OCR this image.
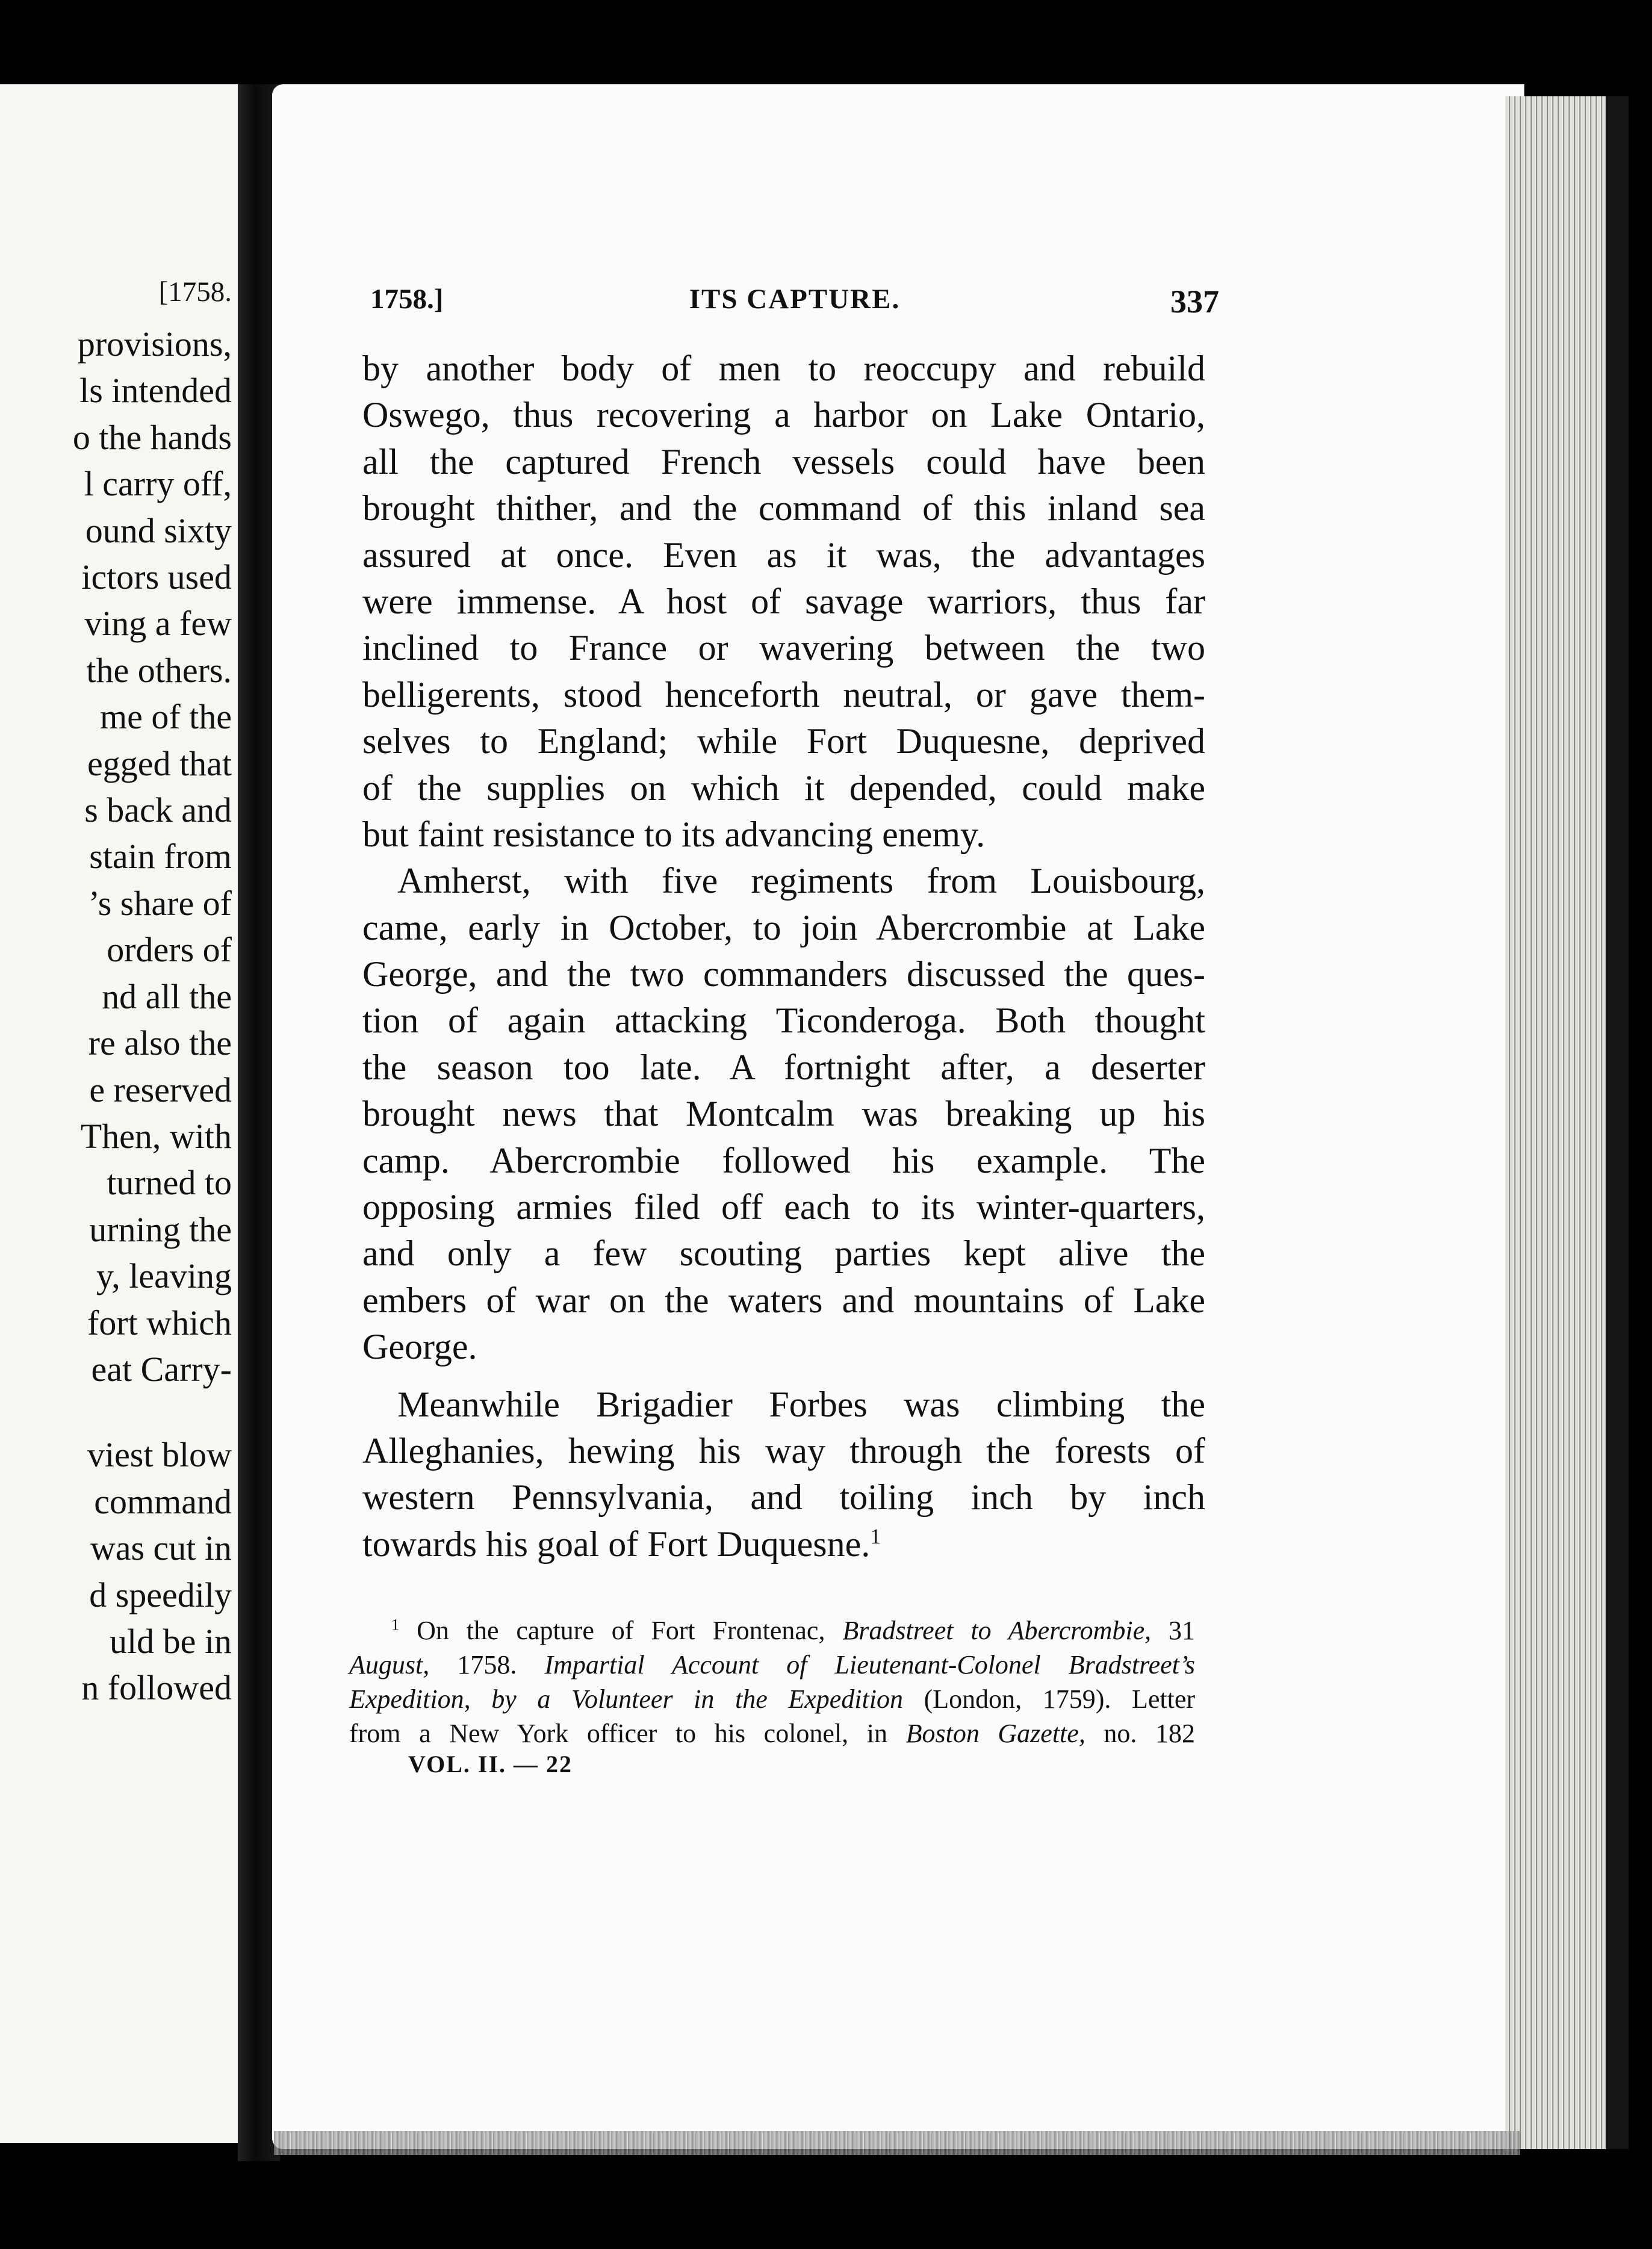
[1758.
provisions,
ls intended
o the hands
l carry off,
ound sixty
ictors used
ving a few
the others.
me of the
egged that
s back and
stain from
’s share of
orders of
nd all the
re also the
e reserved
Then, with
turned to
urning the
y, leaving
fort which
eat Carry-
viest blow
command
was cut in
d speedily
uld be in
n followed
1758.]	ITS CAPTURE.	337
by another body of men to reoccupy and rebuild
Oswego, thus recovering a harbor on Lake Ontario,
all the captured French vessels could have been
brought thither, and the command of this inland sea
assured at once. Even as it was, the advantages
were immense. A host of savage warriors, thus far
inclined to France or wavering between the two
belligerents, stood henceforth neutral, or gave them-
selves to England; while Fort Duquesne, deprived
of the supplies on which it depended, could make
but faint resistance to its advancing enemy.
Amherst, with five regiments from Louisbourg,
came, early in October, to join Abercrombie at Lake
George, and the two commanders discussed the ques-
tion of again attacking Ticonderoga. Both thought
the season too late. A fortnight after, a deserter
brought news that Montcalm was breaking up his
camp. Abercrombie followed his example. The
opposing armies filed off each to its winter-quarters,
and only a few scouting parties kept alive the
embers of war on the waters and mountains of Lake
George.
Meanwhile Brigadier Forbes was climbing the
Alleghanies, hewing his way through the forests of
western Pennsylvania, and toiling inch by inch
towards his goal of Fort Duquesne.$^1$
$^1$ On the capture of Fort Frontenac, Bradstreet to Abercrombie, 31
August, 1758. Impartial Account of Lieutenant-Colonel Bradstreet’s
Expedition, by a Volunteer in the Expedition (London, 1759). Letter
from a New York officer to his colonel, in Boston Gazette, no. 182
VOL. II. — 22
